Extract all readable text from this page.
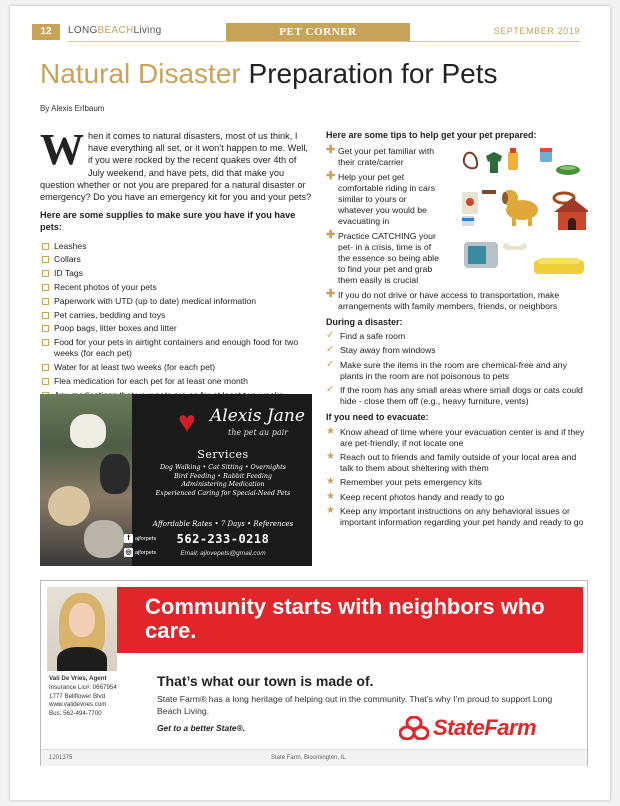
12	LONGBEACHLiving	PET CORNER	SEPTEMBER 2019
Natural Disaster Preparation for Pets
By Alexis Erlbaum

When it comes to natural disasters, most of us think, I have everything all set, or it won’t happen to me. Well, if you were rocked by the recent quakes over 4th of July weekend, and have pets, did that make you question whether or not you are prepared for a natural disaster or emergency? Do you have an emergency kit for you and your pets?

Here are some supplies to make sure you have if you have pets:

Leashes
Collars
ID Tags
Recent photos of your pets
Paperwork with UTD (up to date) medical information
Pet carries, bedding and toys
Poop bags, litter boxes and litter
Food for your pets in airtight containers and enough food for two weeks (for each pet)
Water for at least two weeks (for each pet)
Flea medication for each pet for at least one month
♥ Alexis Jane
the pet au pair
Services
Dog Walking • Cat Sitting • Overnights
Bird Feeding • Rabbit Feeding
Administering Medication
Experienced Caring for Special-Need Pets
Affordable Rates • 7 Days • References
562-233-0218
Email: ajlovepets@gmail.com
f ajforpets
◎ ajforpets

Here are some tips to help get your pet prepared:

✚ Get your pet familiar with their crate/carrier
✚ Help your pet get comfortable riding in cars similar to yours or whatever you would be evacuating in
✚ Practice CATCHING your pet- in a crisis, time is of the essence so being able to find your pet and grab them easily is crucial
✚ If you do not drive or have access to transportation, make arrangements with family members, friends, or neighbors

During a disaster:

✓ Find a safe room
✓ Stay away from windows
✓ Make sure the items in the room are chemical-free and any plants in the room are not poisonous to pets
✓ If the room has any small areas where small dogs or cats could hide - close them off (e.g., heavy furniture, vents)

If you need to evacuate:

★ Know ahead of time where your evacuation center is and if they are pet-friendly, if not locate one
★ Reach out to friends and family outside of your local area and talk to them about sheltering with them
★ Remember your pets emergency kits
★ Keep recent photos handy and ready to go
★ Keep any important instructions on any behavioral issues or important information regarding your pet handy and ready to go
Community starts with neighbors who care.
Vali De Vries, Agent
Insurance Lic#: 0667954
1777 Bellflower Blvd
www.validevries.com
Bus: 562-494-7700
That’s what our town is made of.
State Farm® has a long heritage of helping out in the community. That’s why I’m proud to support Long Beach Living.
Get to a better State®.	StateFarm
1201375	State Farm, Bloomington, IL
